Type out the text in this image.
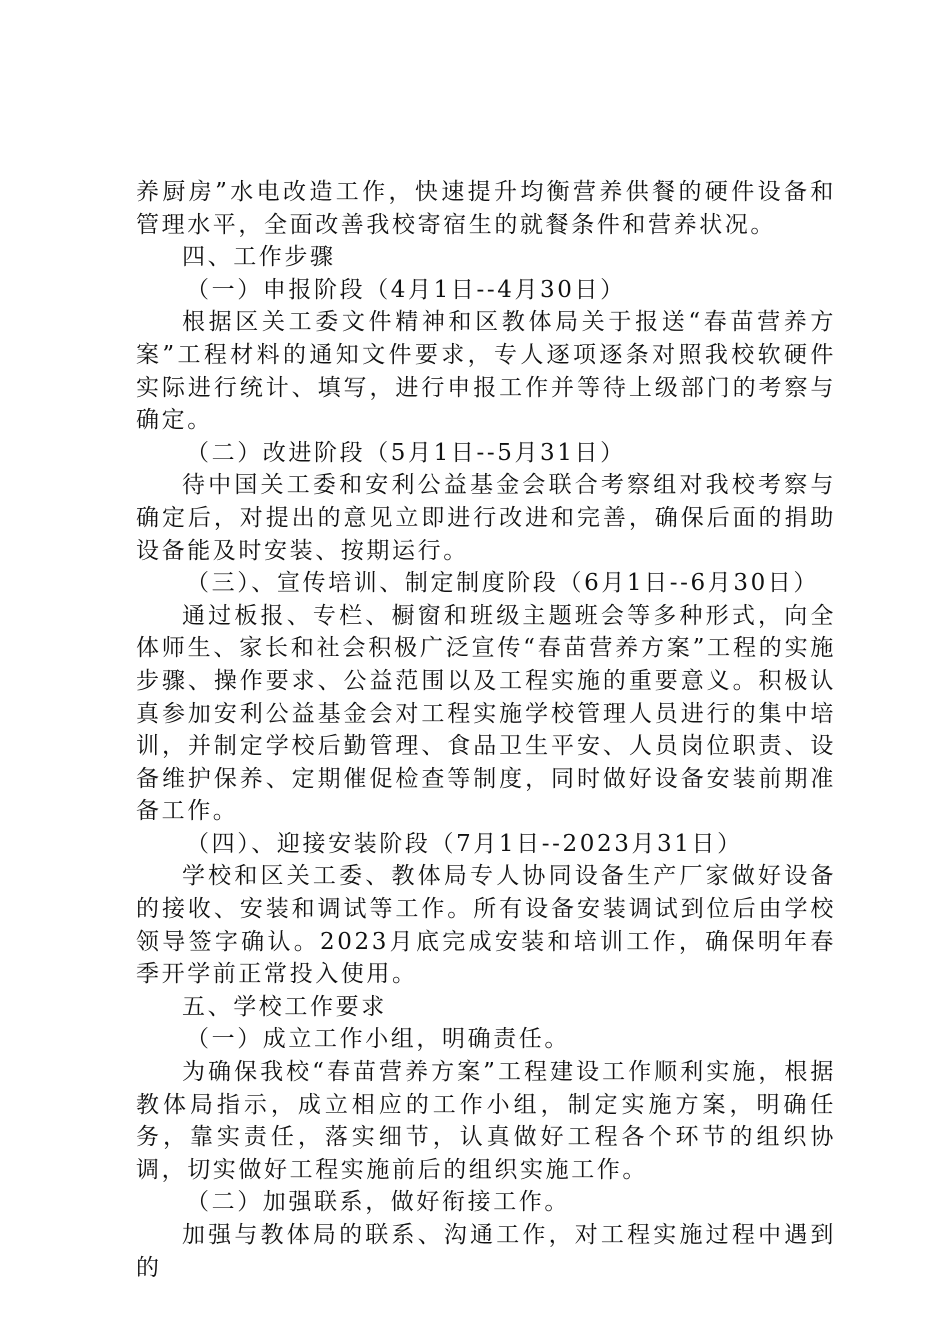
养厨房”水电改造工作，快速提升均衡营养供餐的硬件设备和管理水平，全面改善我校寄宿生的就餐条件和营养状况。

四、工作步骤

（一）申报阶段（4月1日--4月30日）

根据区关工委文件精神和区教体局关于报送“春苗营养方案”工程材料的通知文件要求，专人逐项逐条对照我校软硬件实际进行统计、填写，进行申报工作并等待上级部门的考察与确定。

（二）改进阶段（5月1日--5月31日）

待中国关工委和安利公益基金会联合考察组对我校考察与确定后，对提出的意见立即进行改进和完善，确保后面的捐助设备能及时安装、按期运行。

（三）、宣传培训、制定制度阶段（6月1日--6月30日）

通过板报、专栏、橱窗和班级主题班会等多种形式，向全体师生、家长和社会积极广泛宣传“春苗营养方案”工程的实施步骤、操作要求、公益范围以及工程实施的重要意义。积极认真参加安利公益基金会对工程实施学校管理人员进行的集中培训，并制定学校后勤管理、食品卫生平安、人员岗位职责、设备维护保养、定期催促检查等制度，同时做好设备安装前期准备工作。

（四）、迎接安装阶段（7月1日--2023月31日）

学校和区关工委、教体局专人协同设备生产厂家做好设备的接收、安装和调试等工作。所有设备安装调试到位后由学校领导签字确认。2023月底完成安装和培训工作，确保明年春季开学前正常投入使用。

五、学校工作要求

（一）成立工作小组，明确责任。

为确保我校“春苗营养方案”工程建设工作顺利实施，根据教体局指示，成立相应的工作小组，制定实施方案，明确任务，靠实责任，落实细节，认真做好工程各个环节的组织协调，切实做好工程实施前后的组织实施工作。

（二）加强联系，做好衔接工作。

加强与教体局的联系、沟通工作，对工程实施过程中遇到的
